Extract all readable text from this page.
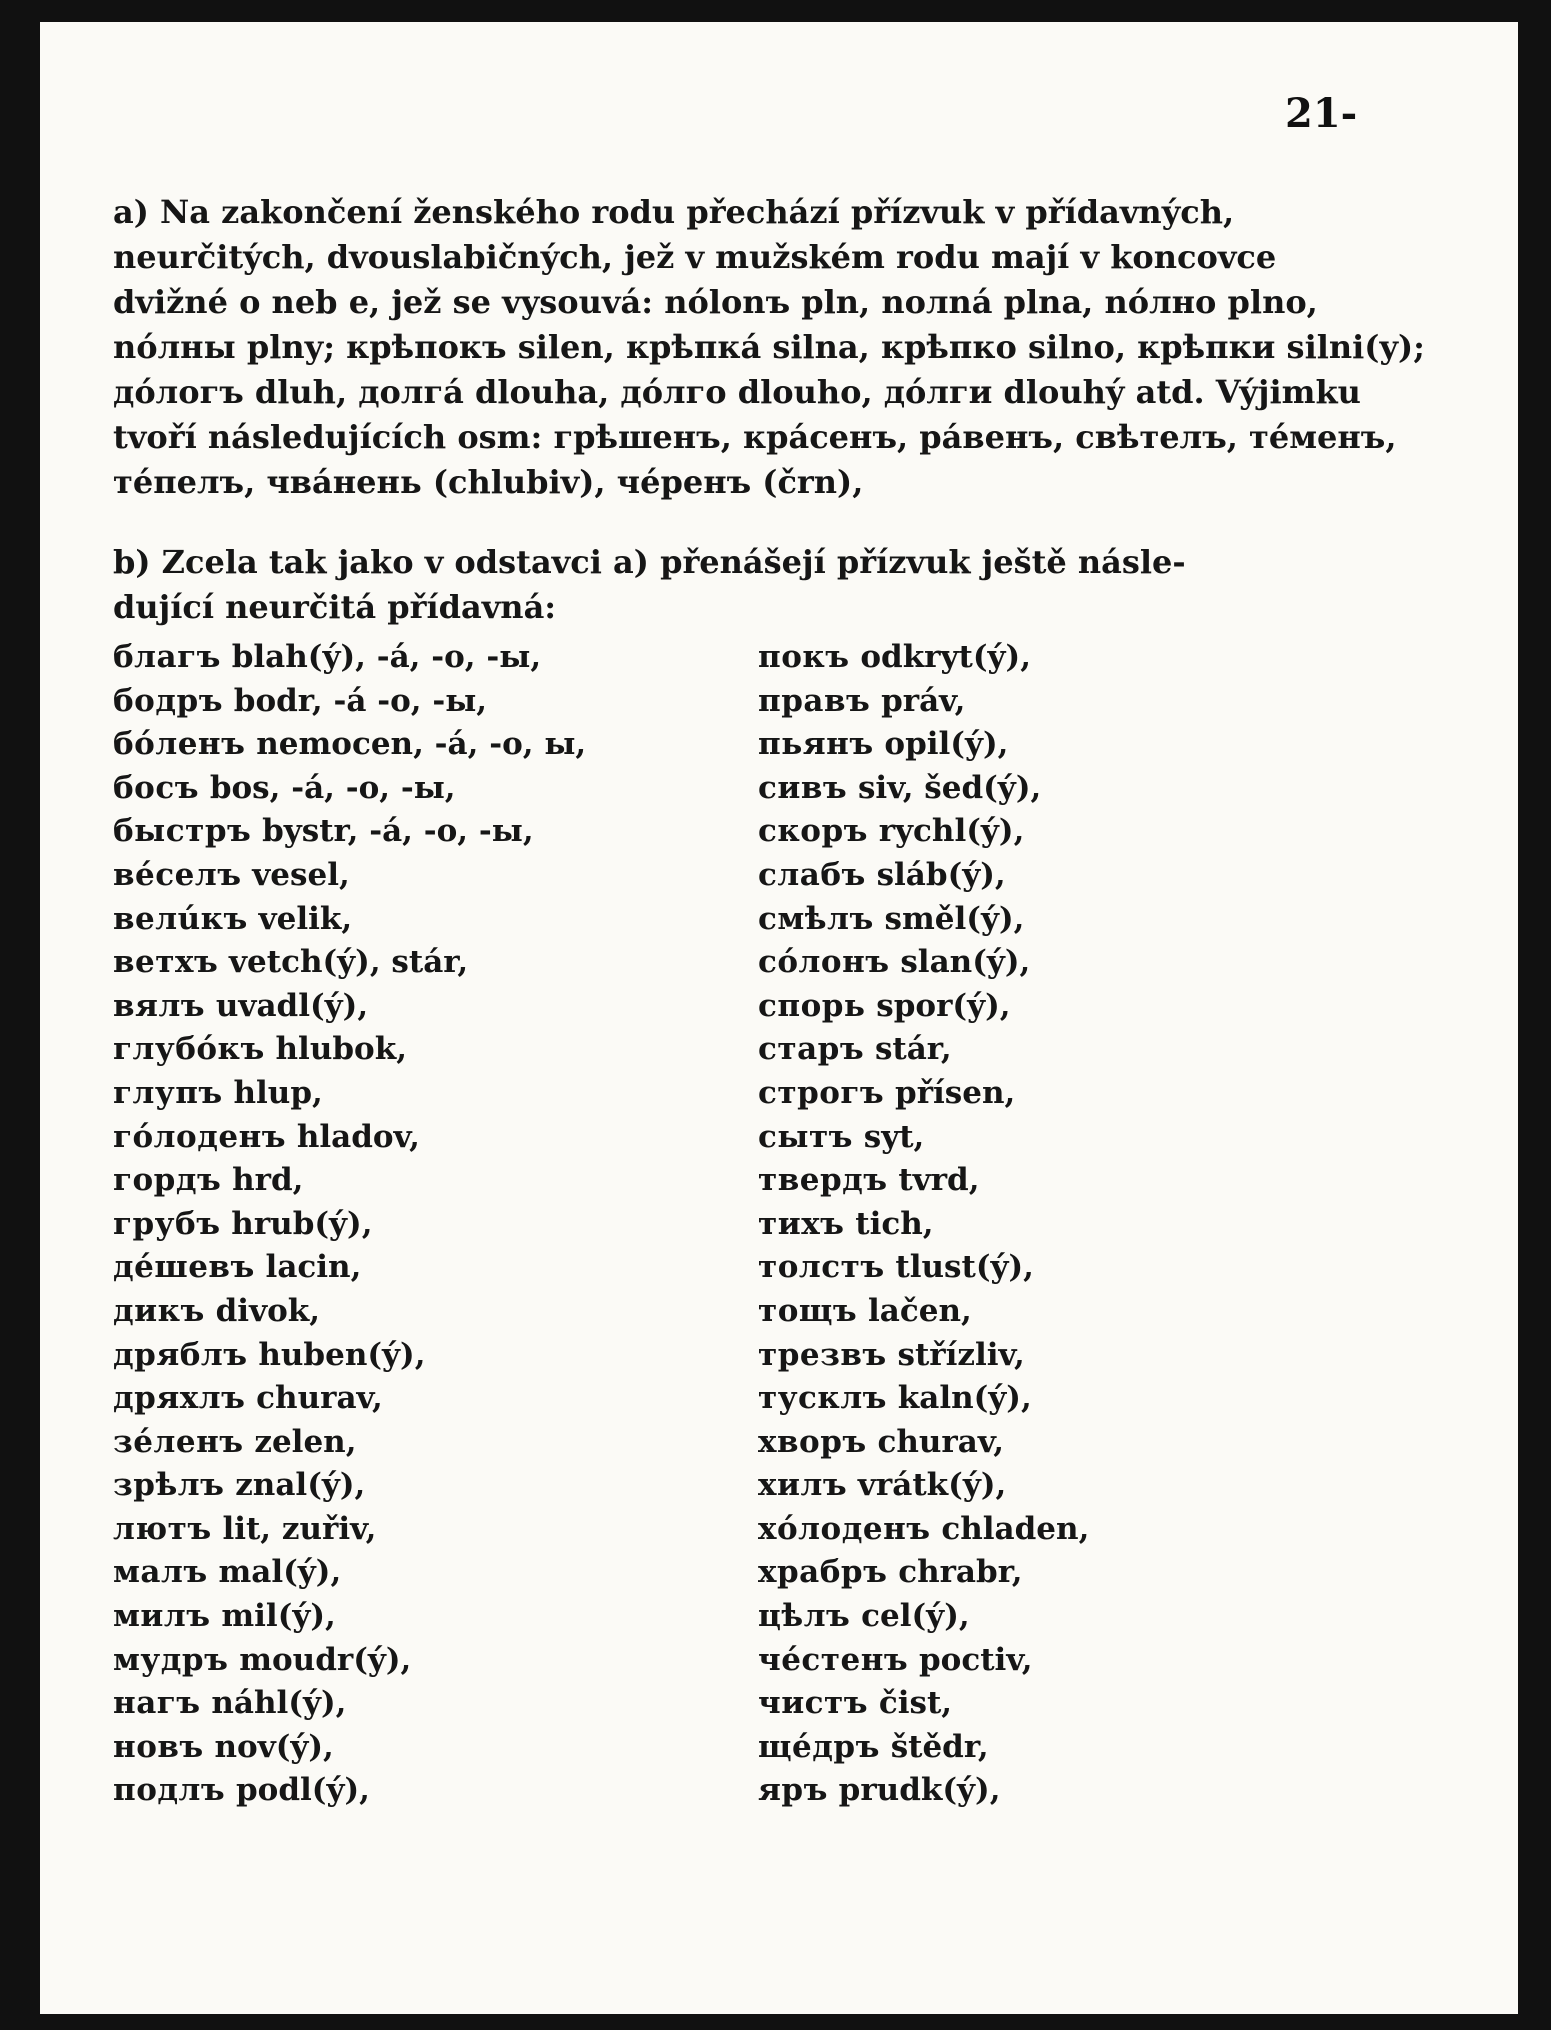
21-
a) Na zakončení ženského rodu přechází přízvuk v přídavných,
neurčitých, dvouslabičných, jež v mužském rodu mají v koncovce
dvižné o neb e, jež se vysouvá: nólonъ pln, nолná plna, nóлнo plno,
nóлны plny; крѣпокъ silen, крѣпка́ silna, крѣпко silno, крѣпки silni(y);
дóлогъ dluh, долга́ dlouha, дóлго dlouho, дóлги dlouhý atd. Výjimku
tvoří následujících osm: грѣшенъ, кра́сенъ, ра́венъ, свѣтелъ, тéменъ,
тéпелъ, чва́нень (chlubiv), чéренъ (črn),
b) Zcela tak jako v odstavci a) přenášejí přízvuk ještě násle-
dující neurčitá přídavná:
благъ blah(ý), -á, -o, -ы,
бодръ bodr, -á -o, -ы,
бóленъ nemocen, -á, -o, ы,
босъ bos, -á, -o, -ы,
быстръ bystr, -á, -o, -ы,
вéселъ vesel,
велúкъ velik,
ветхъ vetch(ý), stár,
вялъ uvadl(ý),
глубóкъ hlubok,
глупъ hlup,
гóлоденъ hladov,
гордъ hrd,
грубъ hrub(ý),
дéшевъ lacin,
дикъ divok,
дряблъ huben(ý),
дряхлъ churav,
зéленъ zelen,
зрѣлъ znal(ý),
лютъ lit, zuřiv,
малъ mal(ý),
милъ mil(ý),
мудръ moudr(ý),
нагъ náhl(ý),
новъ nov(ý),
подлъ podl(ý),
покъ odkryt(ý),
правъ práv,
пьянъ opil(ý),
сивъ siv, šed(ý),
скоръ rychl(ý),
слабъ sláb(ý),
смѣлъ směl(ý),
сóлонъ slan(ý),
спорь spor(ý),
старъ stár,
строгъ přísen,
сытъ syt,
твердъ tvrd,
тихъ tich,
толстъ tlust(ý),
тощъ lačen,
трезвъ střízliv,
тусклъ kaln(ý),
хворъ churav,
хилъ vrátk(ý),
хóлоденъ chladen,
храбръ chrabr,
цѣлъ cel(ý),
чéстенъ poctiv,
чистъ čist,
щéдръ štědr,
яръ prudk(ý),
